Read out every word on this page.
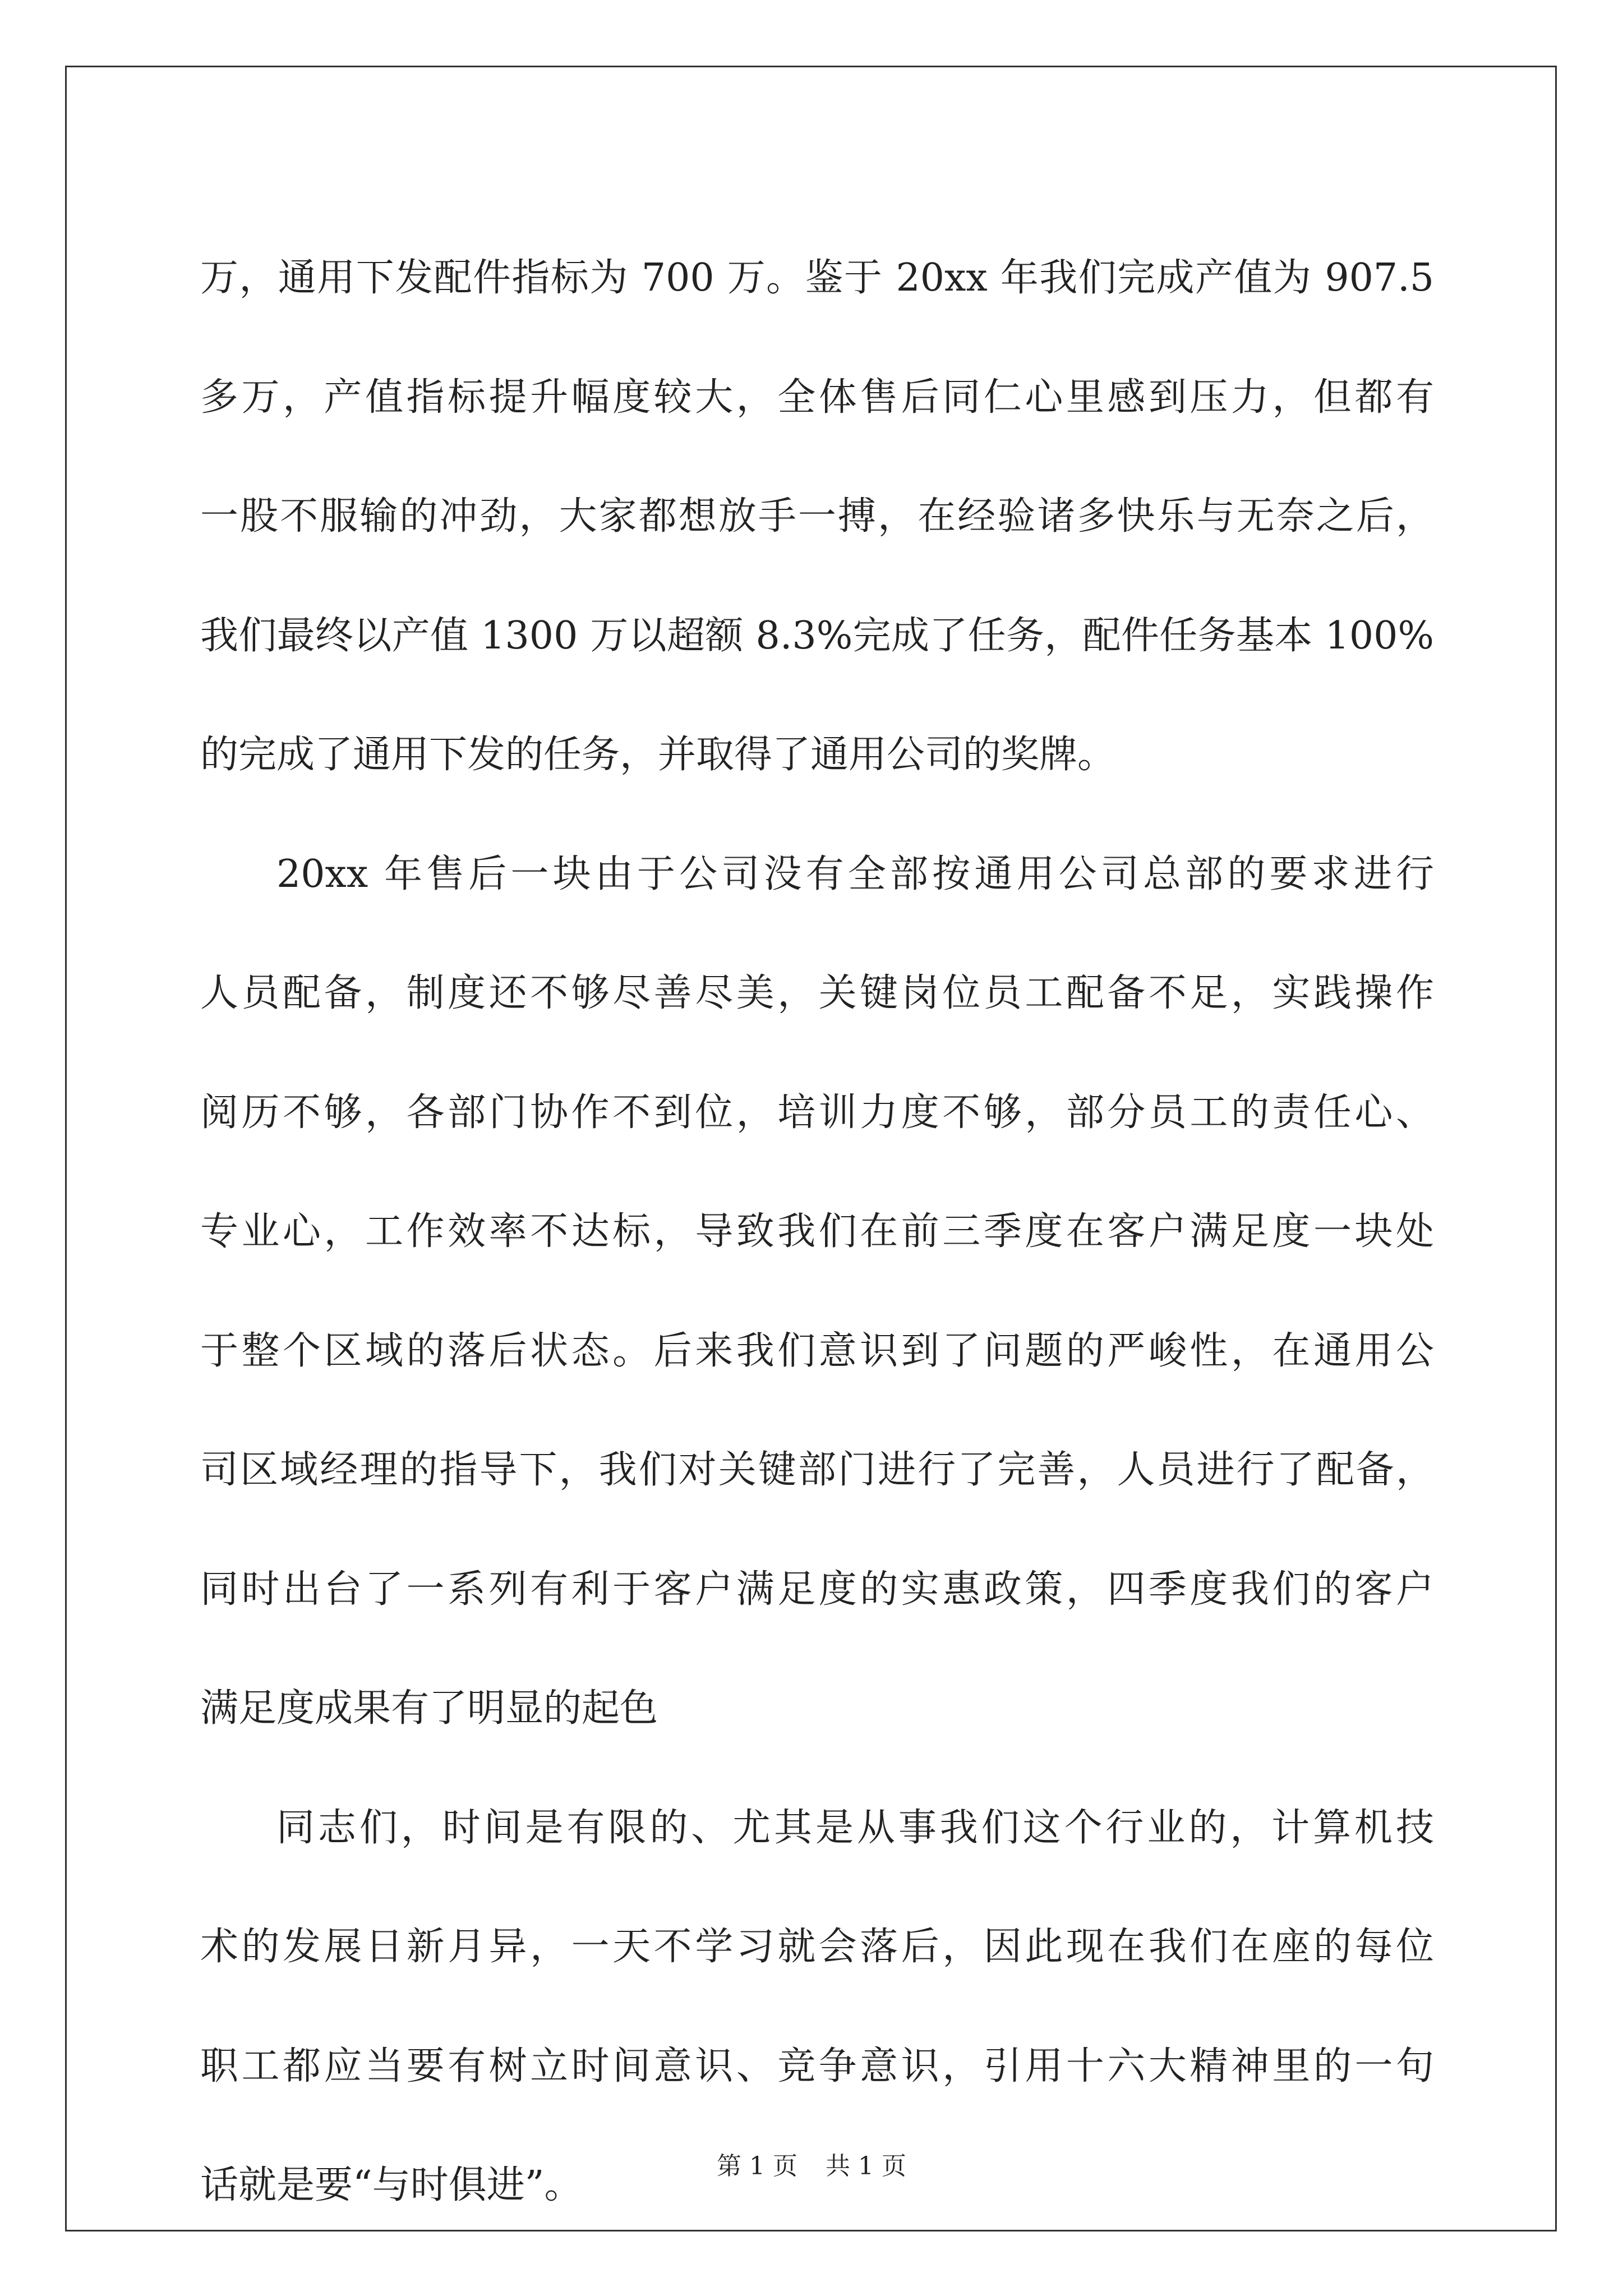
万，通用下发配件指标为 700 万。鉴于 20xx 年我们完成产值为 907.5
多万，产值指标提升幅度较大，全体售后同仁心里感到压力，但都有
一股不服输的冲劲，大家都想放手一搏，在经验诸多快乐与无奈之后，
我们最终以产值 1300 万以超额 8.3%完成了任务，配件任务基本 100%
的完成了通用下发的任务，并取得了通用公司的奖牌。
20xx 年售后一块由于公司没有全部按通用公司总部的要求进行
人员配备，制度还不够尽善尽美，关键岗位员工配备不足，实践操作
阅历不够，各部门协作不到位，培训力度不够，部分员工的责任心、
专业心，工作效率不达标，导致我们在前三季度在客户满足度一块处
于整个区域的落后状态。后来我们意识到了问题的严峻性，在通用公
司区域经理的指导下，我们对关键部门进行了完善，人员进行了配备，
同时出台了一系列有利于客户满足度的实惠政策，四季度我们的客户
满足度成果有了明显的起色
同志们，时间是有限的、尤其是从事我们这个行业的，计算机技
术的发展日新月异，一天不学习就会落后，因此现在我们在座的每位
职工都应当要有树立时间意识、竞争意识，引用十六大精神里的一句
话就是要“与时俱进”。	第 1 页 共 1 页
